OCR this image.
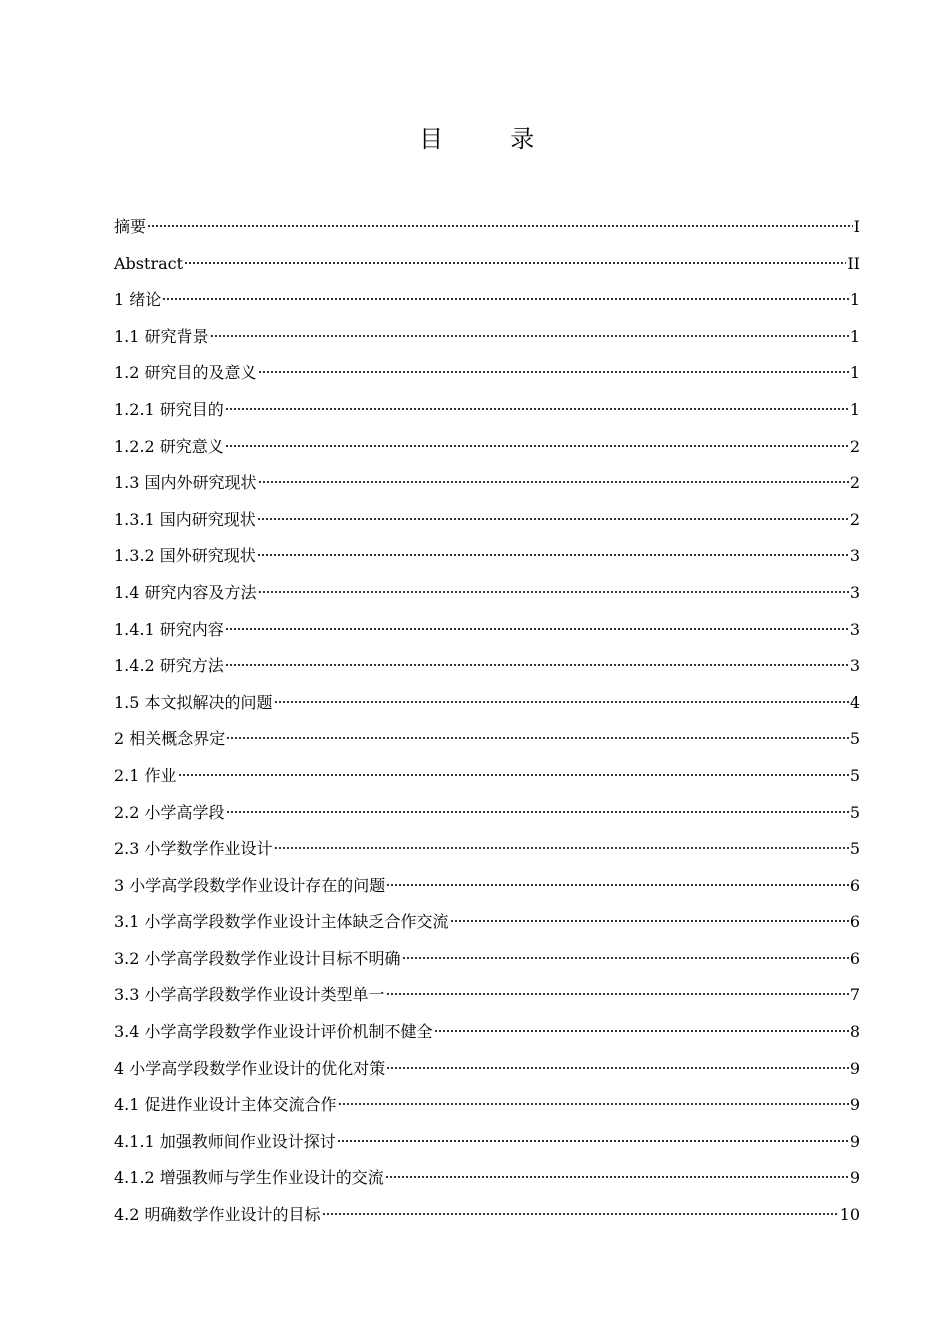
目　录
摘要	I
Abstract	II
1 绪论	1
1.1 研究背景	1
1.2 研究目的及意义	1
1.2.1 研究目的	1
1.2.2 研究意义	2
1.3 国内外研究现状	2
1.3.1 国内研究现状	2
1.3.2 国外研究现状	3
1.4 研究内容及方法	3
1.4.1 研究内容	3
1.4.2 研究方法	3
1.5 本文拟解决的问题	4
2 相关概念界定	5
2.1 作业	5
2.2 小学高学段	5
2.3 小学数学作业设计	5
3 小学高学段数学作业设计存在的问题	6
3.1 小学高学段数学作业设计主体缺乏合作交流	6
3.2 小学高学段数学作业设计目标不明确	6
3.3 小学高学段数学作业设计类型单一	7
3.4 小学高学段数学作业设计评价机制不健全	8
4 小学高学段数学作业设计的优化对策	9
4.1 促进作业设计主体交流合作	9
4.1.1 加强教师间作业设计探讨	9
4.1.2 增强教师与学生作业设计的交流	9
4.2 明确数学作业设计的目标	10
